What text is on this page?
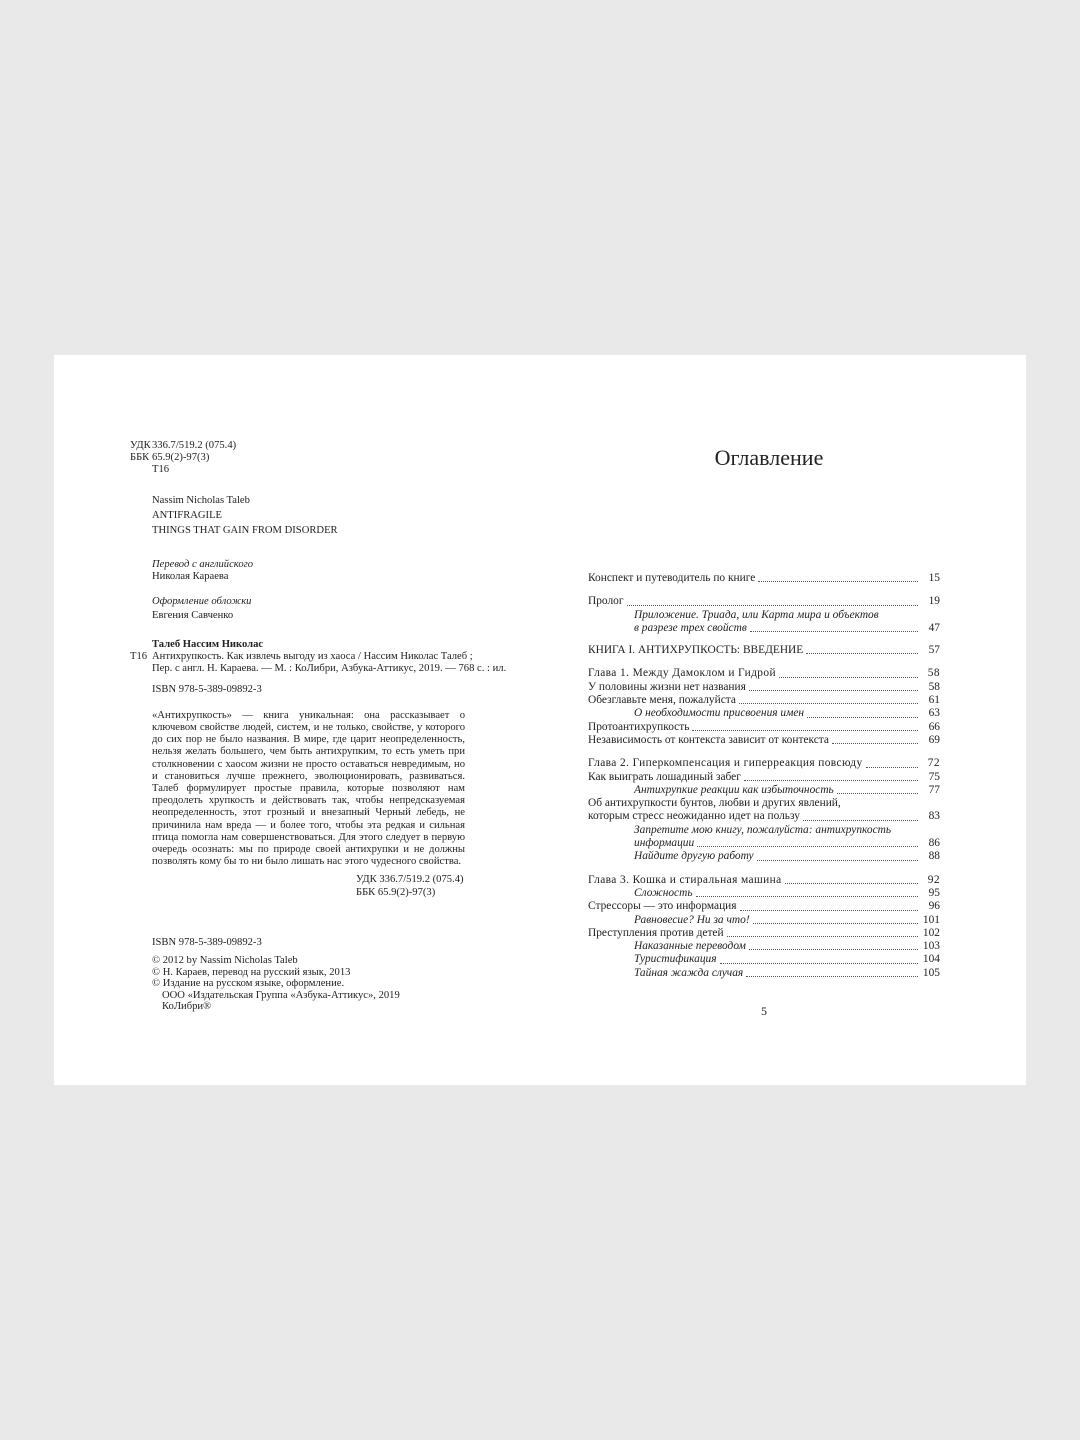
УДК 336.7/519.2 (075.4)
ББК 65.9(2)-97(3)
Т16
Nassim Nicholas Taleb
ANTIFRAGILE
THINGS THAT GAIN FROM DISORDER
Перевод с английского
Николая Караева
Оформление обложки
Евгения Савченко
Т16
Талеб Нассим Николас
Антихрупкость. Как извлечь выгоду из хаоса / Нассим Николас Талеб ;
Пер. с англ. Н. Караева. — М. : КоЛибри, Азбука-Аттикус, 2019. — 768 с. : ил.
ISBN 978-5-389-09892-3
«Антихрупкость» — книга уникальная: она рассказывает о ключевом свойстве людей, систем, и не только, свойстве, у которого до сих пор не было названия. В мире, где царит неопределенность, нельзя желать большего, чем быть антихрупким, то есть уметь при столкновении с хаосом жизни не просто оставаться невредимым, но и становиться лучше прежнего, эволюционировать, развиваться. Талеб формулирует простые правила, которые позволяют нам преодолеть хрупкость и действовать так, чтобы непредсказуемая неопределенность, этот грозный и внезапный Черный лебедь, не причинила нам вреда — и более того, чтобы эта редкая и сильная птица помогла нам совершенствоваться. Для этого следует в первую очередь осознать: мы по природе своей антихрупки и не должны позволять кому бы то ни было лишать нас этого чудесного свойства.
УДК 336.7/519.2 (075.4)
ББК 65.9(2)-97(3)
ISBN 978-5-389-09892-3
© 2012 by Nassim Nicholas Taleb
© Н. Караев, перевод на русский язык, 2013
© Издание на русском языке, оформление.
ООО «Издательская Группа «Азбука-Аттикус», 2019
КоЛибри®
Оглавление
Конспект и путеводитель по книге	15
Пролог	19
Приложение. Триада, или Карта мира и объектов
в разрезе трех свойств	47
КНИГА I. АНТИХРУПКОСТЬ: ВВЕДЕНИЕ	57
Глава 1. Между Дамоклом и Гидрой	58
У половины жизни нет названия	58
Обезглавьте меня, пожалуйста	61
О необходимости присвоения имен	63
Протоантихрупкость	66
Независимость от контекста зависит от контекста	69
Глава 2. Гиперкомпенсация и гиперреакция повсюду	72
Как выиграть лошадиный забег	75
Антихрупкие реакции как избыточность	77
Об антихрупкости бунтов, любви и других явлений,
которым стресс неожиданно идет на пользу	83
Запретите мою книгу, пожалуйста: антихрупкость
информации	86
Найдите другую работу	88
Глава 3. Кошка и стиральная машина	92
Сложность	95
Стрессоры — это информация	96
Равновесие? Ни за что!	101
Преступления против детей	102
Наказанные переводом	103
Туристификация	104
Тайная жажда случая	105
5
